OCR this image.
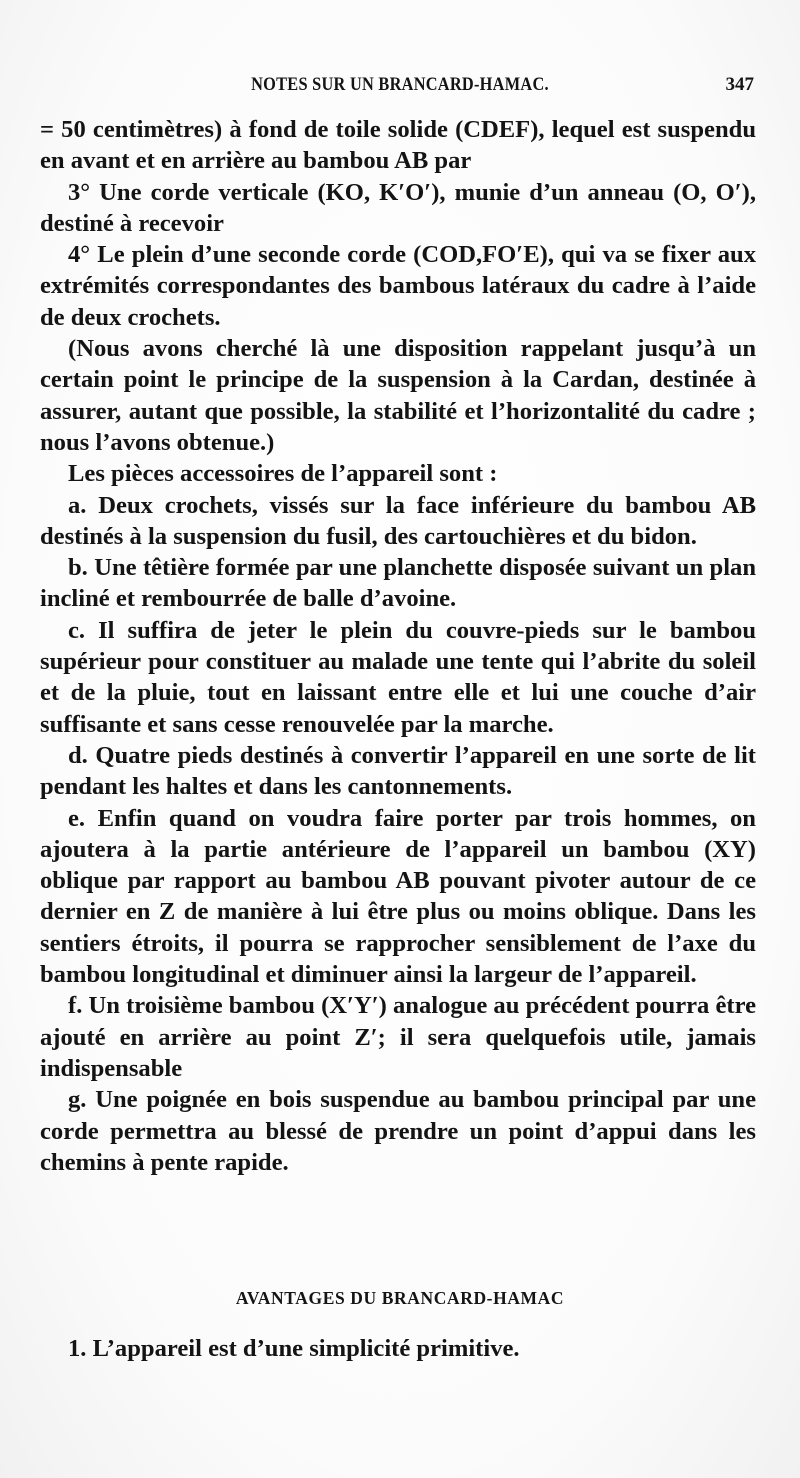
NOTES SUR UN BRANCARD-HAMAC.	347

= 50 centimètres) à fond de toile solide (CDEF), lequel est suspendu en avant et en arrière au bambou AB par

3° Une corde verticale (KO, K′O′), munie d’un anneau (O, O′), destiné à recevoir

4° Le plein d’une seconde corde (COD,FO′E), qui va se fixer aux extrémités correspondantes des bambous latéraux du cadre à l’aide de deux crochets.

(Nous avons cherché là une disposition rappelant jusqu’à un certain point le principe de la suspension à la Cardan, destinée à assurer, autant que possible, la stabilité et l’horizontalité du cadre ; nous l’avons obtenue.)

Les pièces accessoires de l’appareil sont :

a. Deux crochets, vissés sur la face inférieure du bambou AB destinés à la suspension du fusil, des cartouchières et du bidon.

b. Une têtière formée par une planchette disposée suivant un plan incliné et rembourrée de balle d’avoine.

c. Il suffira de jeter le plein du couvre-pieds sur le bambou supérieur pour constituer au malade une tente qui l’abrite du soleil et de la pluie, tout en laissant entre elle et lui une couche d’air suffisante et sans cesse renouvelée par la marche.

d. Quatre pieds destinés à convertir l’appareil en une sorte de lit pendant les haltes et dans les cantonnements.

e. Enfin quand on voudra faire porter par trois hommes, on ajoutera à la partie antérieure de l’appareil un bambou (XY) oblique par rapport au bambou AB pouvant pivoter autour de ce dernier en Z de manière à lui être plus ou moins oblique. Dans les sentiers étroits, il pourra se rapprocher sensiblement de l’axe du bambou longitudinal et diminuer ainsi la largeur de l’appareil.

f. Un troisième bambou (X′Y′) analogue au précédent pourra être ajouté en arrière au point Z′; il sera quelquefois utile, jamais indispensable

g. Une poignée en bois suspendue au bambou principal par une corde permettra au blessé de prendre un point d’appui dans les chemins à pente rapide.

AVANTAGES DU BRANCARD-HAMAC
1. L’appareil est d’une simplicité primitive.
